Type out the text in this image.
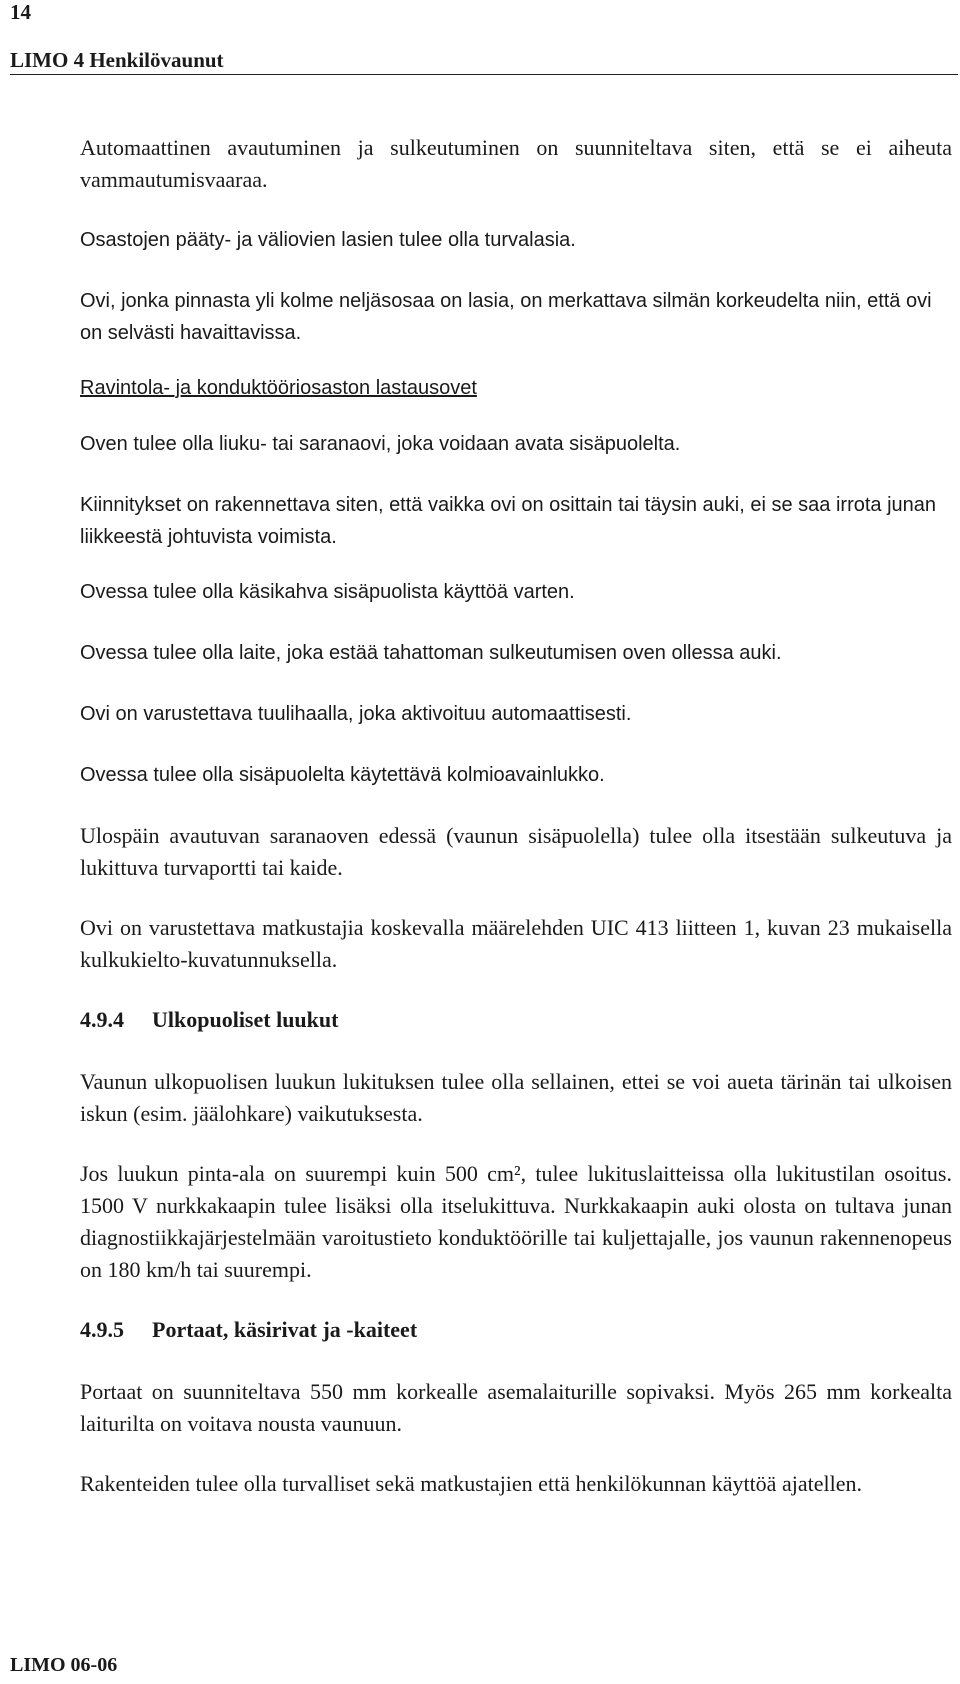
14
LIMO 4 Henkilövaunut

Automaattinen avautuminen ja sulkeutuminen on suunniteltava siten, että se ei aiheuta vammautumisvaaraa.

Osastojen pääty- ja väliovien lasien tulee olla turvalasia.

Ovi, jonka pinnasta yli kolme neljäsosaa on lasia, on merkattava silmän korkeudelta niin, että ovi on selvästi havaittavissa.

Ravintola- ja konduktööriosaston lastausovet

Oven tulee olla liuku- tai saranaovi, joka voidaan avata sisäpuolelta.

Kiinnitykset on rakennettava siten, että vaikka ovi on osittain tai täysin auki, ei se saa irrota junan liikkeestä johtuvista voimista.

Ovessa tulee olla käsikahva sisäpuolista käyttöä varten.

Ovessa tulee olla laite, joka estää tahattoman sulkeutumisen oven ollessa auki.

Ovi on varustettava tuulihaalla, joka aktivoituu automaattisesti.

Ovessa tulee olla sisäpuolelta käytettävä kolmioavainlukko.

Ulospäin avautuvan saranaoven edessä (vaunun sisäpuolella) tulee olla itsestään sulkeutuva ja lukittuva turvaportti tai kaide.

Ovi on varustettava matkustajia koskevalla määrelehden UIC 413 liitteen 1, kuvan 23 mukaisella kulkukielto-kuvatunnuksella.

4.9.4 Ulkopuoliset luukut

Vaunun ulkopuolisen luukun lukituksen tulee olla sellainen, ettei se voi aueta tärinän tai ulkoisen iskun (esim. jäälohkare) vaikutuksesta.

Jos luukun pinta-ala on suurempi kuin 500 cm², tulee lukituslaitteissa olla lukitustilan osoitus. 1500 V nurkkakaapin tulee lisäksi olla itselukittuva. Nurkkakaapin auki olosta on tultava junan diagnostiikkajärjestelmään varoitustieto konduktöörille tai kuljettajalle, jos vaunun rakennenopeus on 180 km/h tai suurempi.

4.9.5 Portaat, käsirivat ja -kaiteet

Portaat on suunniteltava 550 mm korkealle asemalaiturille sopivaksi. Myös 265 mm korkealta laiturilta on voitava nousta vaunuun.

Rakenteiden tulee olla turvalliset sekä matkustajien että henkilökunnan käyttöä ajatellen.

LIMO 06-06
